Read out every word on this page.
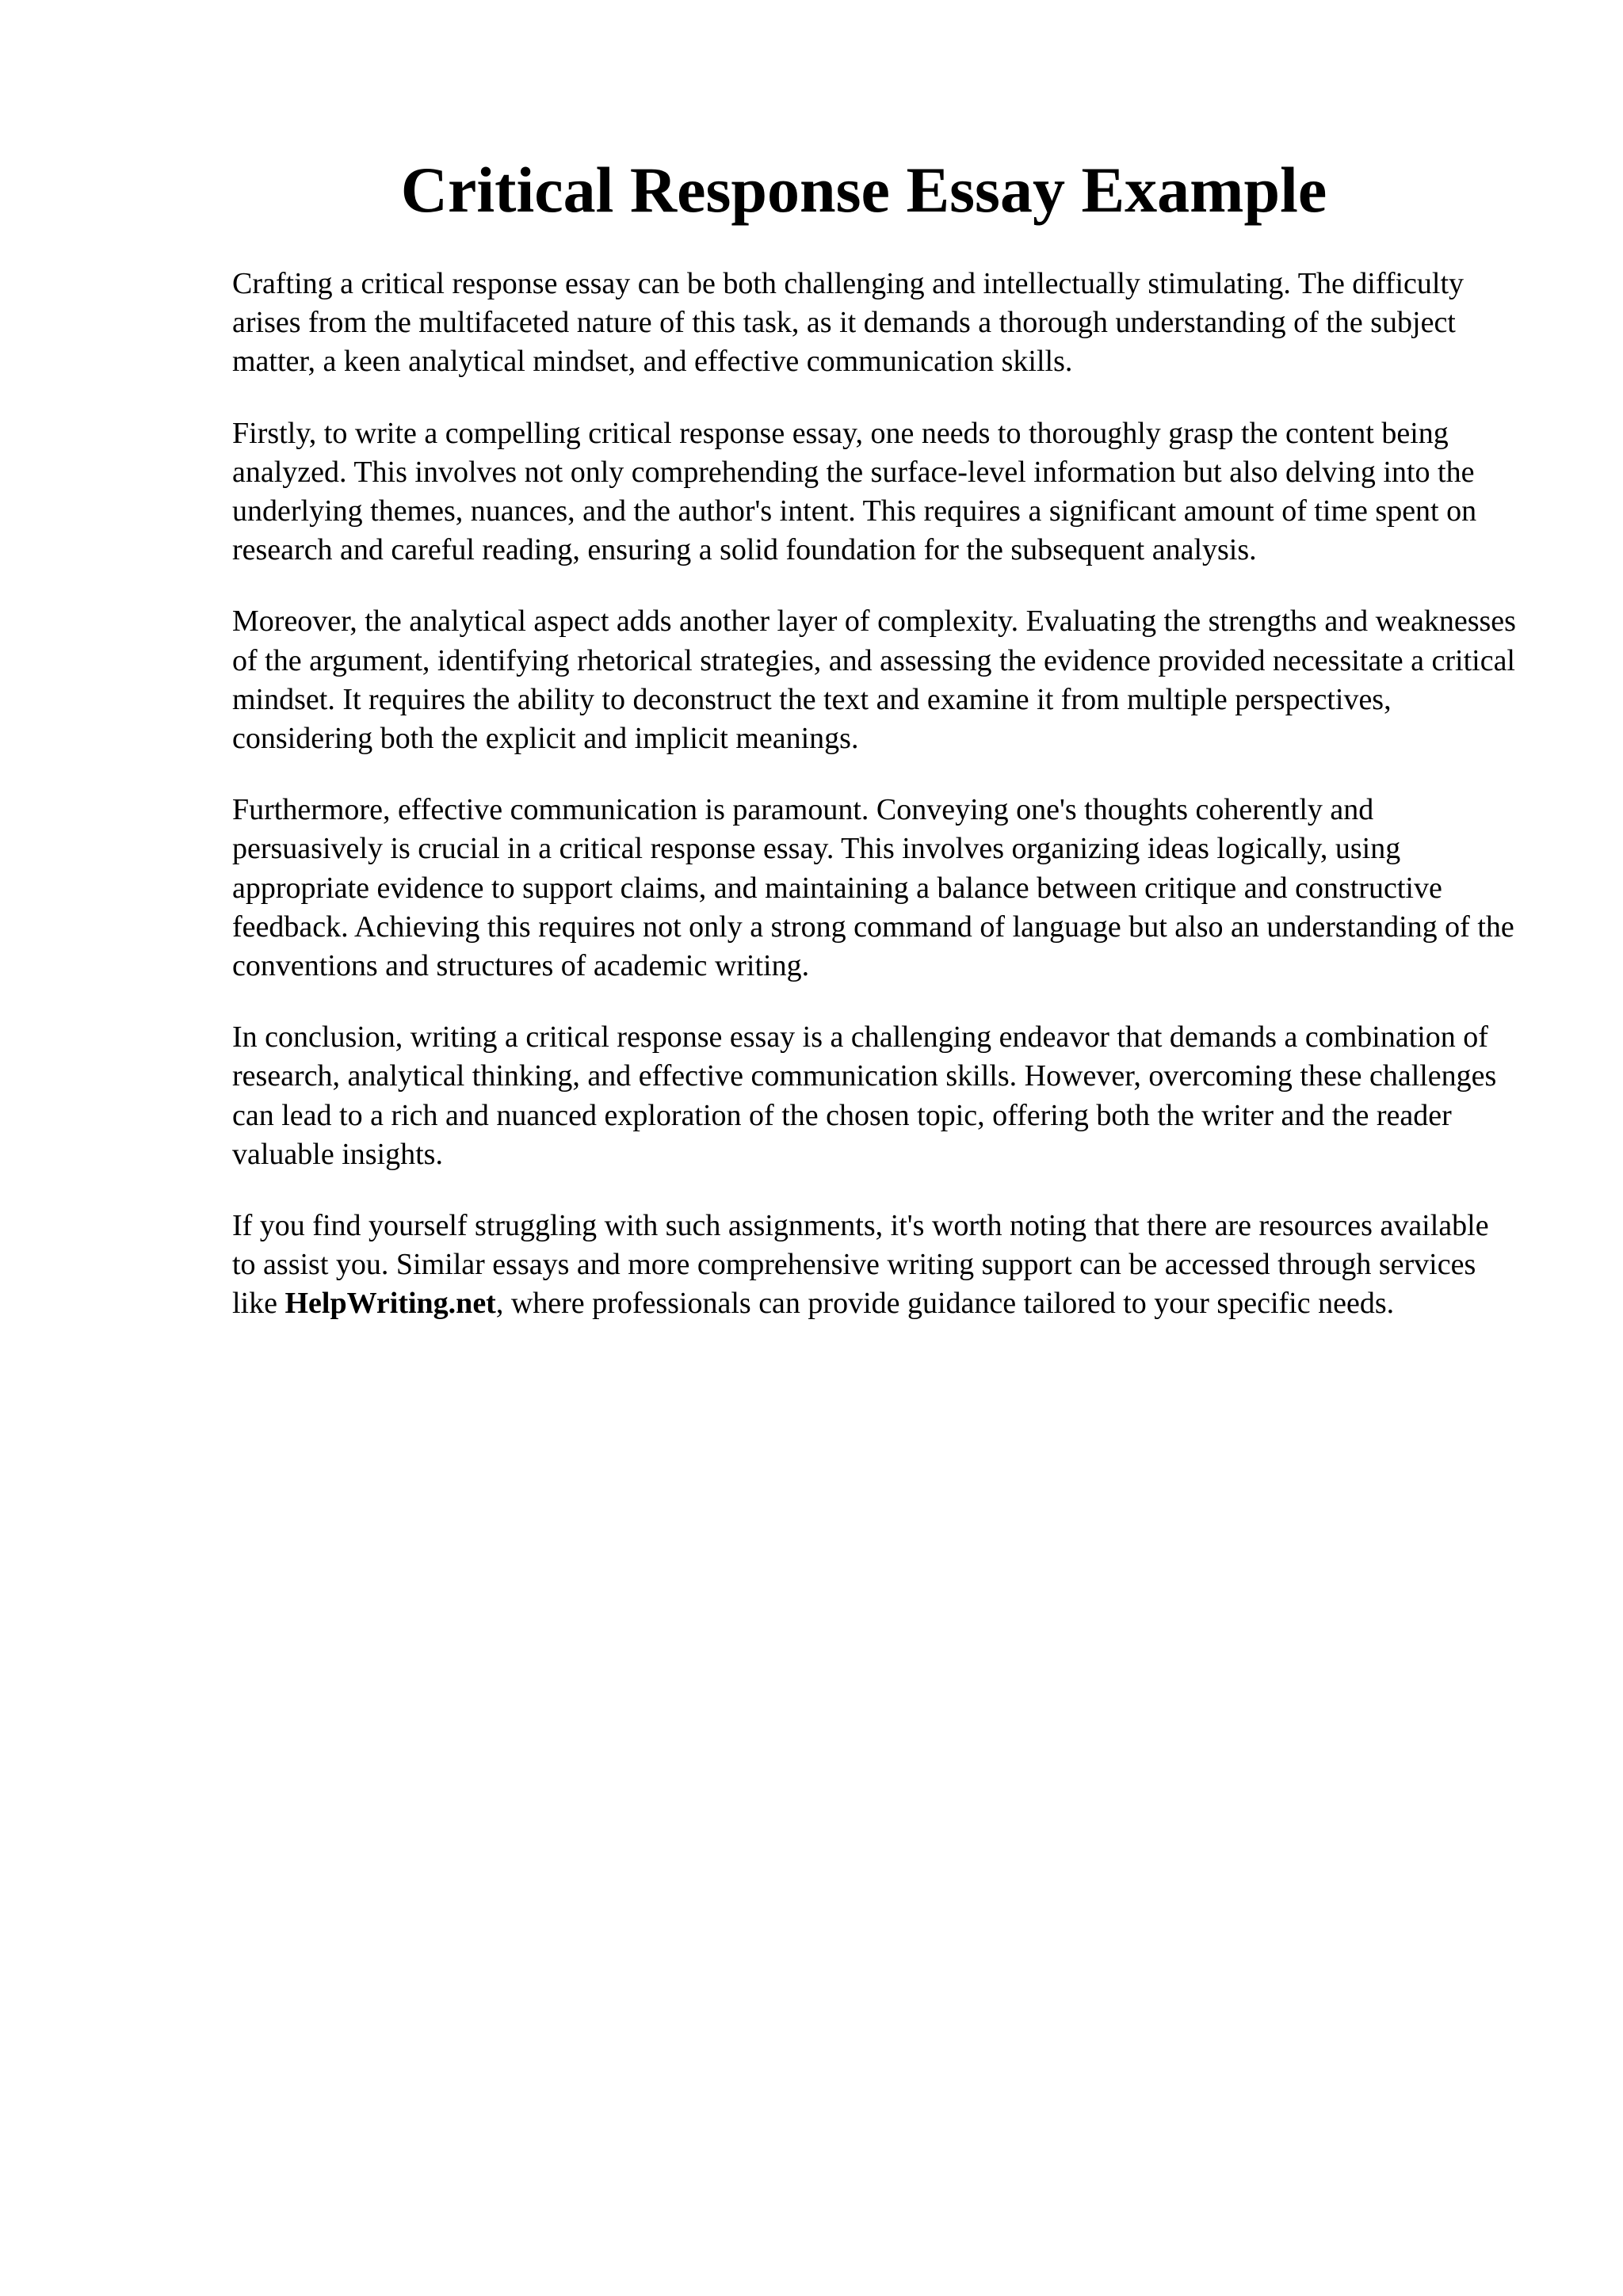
Critical Response Essay Example

Crafting a critical response essay can be both challenging and intellectually stimulating. The difficulty arises from the multifaceted nature of this task, as it demands a thorough understanding of the subject matter, a keen analytical mindset, and effective communication skills.

Firstly, to write a compelling critical response essay, one needs to thoroughly grasp the content being analyzed. This involves not only comprehending the surface-level information but also delving into the underlying themes, nuances, and the author's intent. This requires a significant amount of time spent on research and careful reading, ensuring a solid foundation for the subsequent analysis.

Moreover, the analytical aspect adds another layer of complexity. Evaluating the strengths and weaknesses of the argument, identifying rhetorical strategies, and assessing the evidence provided necessitate a critical mindset. It requires the ability to deconstruct the text and examine it from multiple perspectives, considering both the explicit and implicit meanings.

Furthermore, effective communication is paramount. Conveying one's thoughts coherently and persuasively is crucial in a critical response essay. This involves organizing ideas logically, using appropriate evidence to support claims, and maintaining a balance between critique and constructive feedback. Achieving this requires not only a strong command of language but also an understanding of the conventions and structures of academic writing.

In conclusion, writing a critical response essay is a challenging endeavor that demands a combination of research, analytical thinking, and effective communication skills. However, overcoming these challenges can lead to a rich and nuanced exploration of the chosen topic, offering both the writer and the reader valuable insights.

If you find yourself struggling with such assignments, it's worth noting that there are resources available to assist you. Similar essays and more comprehensive writing support can be accessed through services like HelpWriting.net, where professionals can provide guidance tailored to your specific needs.
